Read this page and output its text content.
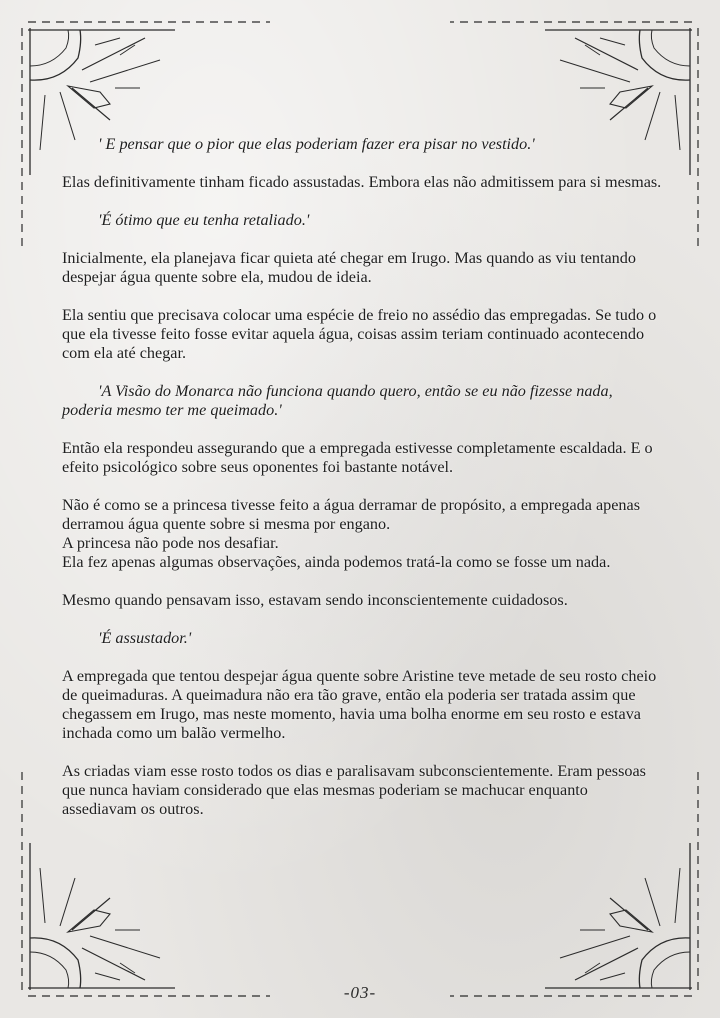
' E pensar que o pior que elas poderiam fazer era pisar no vestido.'

Elas definitivamente tinham ficado assustadas. Embora elas não admitissem para si mesmas.

'É ótimo que eu tenha retaliado.'

Inicialmente, ela planejava ficar quieta até chegar em Irugo. Mas quando as viu tentando despejar água quente sobre ela, mudou de ideia.

Ela sentiu que precisava colocar uma espécie de freio no assédio das empregadas. Se tudo o que ela tivesse feito fosse evitar aquela água, coisas assim teriam continuado acontecendo com ela até chegar.

'A Visão do Monarca não funciona quando quero, então se eu não fizesse nada, poderia mesmo ter me queimado.'

Então ela respondeu assegurando que a empregada estivesse completamente escaldada. E o efeito psicológico sobre seus oponentes foi bastante notável.

Não é como se a princesa tivesse feito a água derramar de propósito, a empregada apenas derramou água quente sobre si mesma por engano.

A princesa não pode nos desafiar.

Ela fez apenas algumas observações, ainda podemos tratá-la como se fosse um nada.

Mesmo quando pensavam isso, estavam sendo inconscientemente cuidadosos.

'É assustador.'

A empregada que tentou despejar água quente sobre Aristine teve metade de seu rosto cheio de queimaduras. A queimadura não era tão grave, então ela poderia ser tratada assim que chegassem em Irugo, mas neste momento, havia uma bolha enorme em seu rosto e estava inchada como um balão vermelho.

As criadas viam esse rosto todos os dias e paralisavam subconscientemente. Eram pessoas que nunca haviam considerado que elas mesmas poderiam se machucar enquanto assediavam os outros.

-03-
